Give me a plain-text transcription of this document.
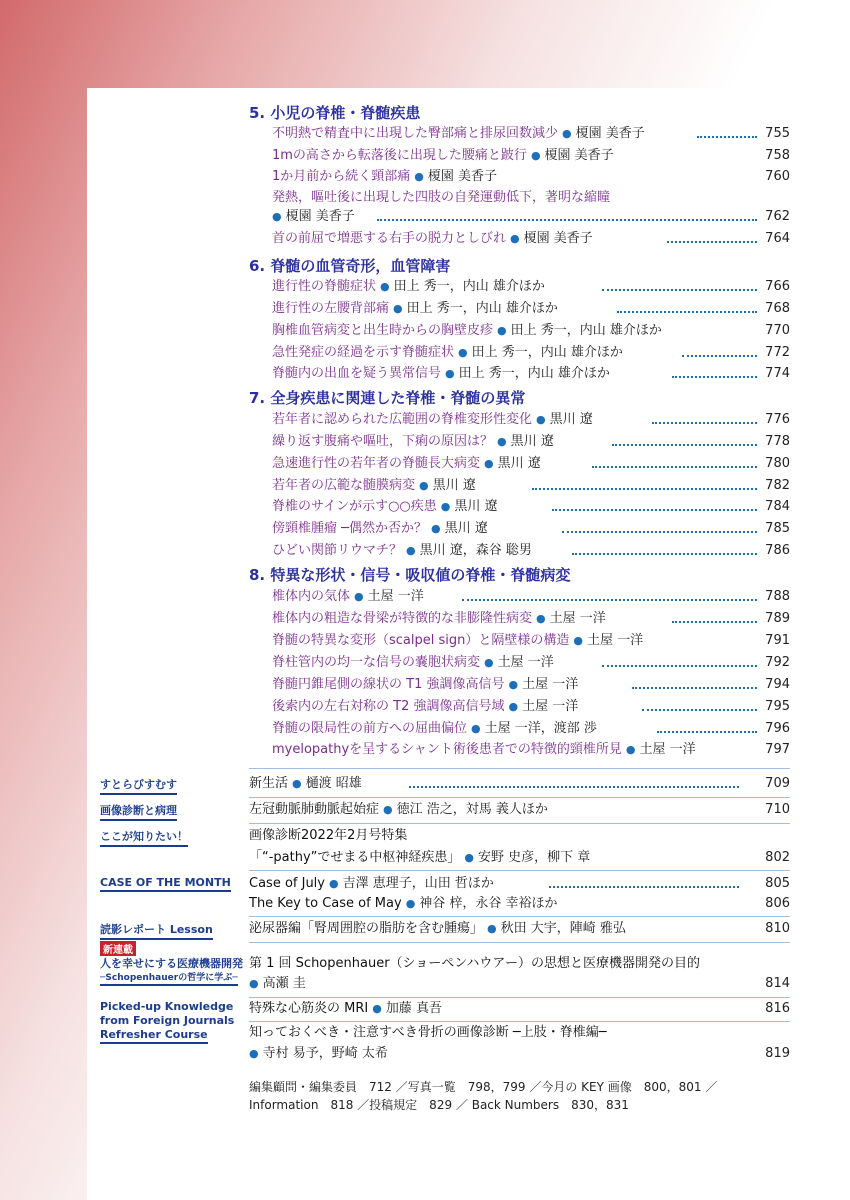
5. 小児の脊椎・脊髄疾患
6. 脊髄の血管奇形，血管障害
7. 全身疾患に関連した脊椎・脊髄の異常
8. 特異な形状・信号・吸収値の脊椎・脊髄病変
不明熱で精査中に出現した臀部痛と排尿回数減少 ● 榎園 美香子	755
1mの高さから転落後に出現した腰痛と跛行 ● 榎園 美香子	758
1か月前から続く頸部痛 ● 榎園 美香子	760
発熱，嘔吐後に出現した四肢の自発運動低下，著明な縮瞳
● 榎園 美香子	762
首の前屈で増悪する右手の脱力としびれ ● 榎園 美香子	764
進行性の脊髄症状 ● 田上 秀一，内山 雄介ほか	766
進行性の左腰背部痛 ● 田上 秀一，内山 雄介ほか	768
胸椎血管病変と出生時からの胸壁皮疹 ● 田上 秀一，内山 雄介ほか	770
急性発症の経過を示す脊髄症状 ● 田上 秀一，内山 雄介ほか	772
脊髄内の出血を疑う異常信号 ● 田上 秀一，内山 雄介ほか	774
若年者に認められた広範囲の脊椎変形性変化 ● 黒川 遼	776
繰り返す腹痛や嘔吐，下痢の原因は？ ● 黒川 遼	778
急速進行性の若年者の脊髄長大病変 ● 黒川 遼	780
若年者の広範な髄膜病変 ● 黒川 遼	782
脊椎のサインが示す○○疾患 ● 黒川 遼	784
傍頸椎腫瘤 ─偶然か否か？ ● 黒川 遼	785
ひどい関節リウマチ？ ● 黒川 遼，森谷 聡男	786
椎体内の気体 ● 土屋 一洋	788
椎体内の粗造な骨梁が特徴的な非膨隆性病変 ● 土屋 一洋	789
脊髄の特異な変形（scalpel sign）と隔壁様の構造 ● 土屋 一洋	791
脊柱管内の均一な信号の嚢胞状病変 ● 土屋 一洋	792
脊髄円錐尾側の線状の T1 強調像高信号 ● 土屋 一洋	794
後索内の左右対称の T2 強調像高信号域 ● 土屋 一洋	795
脊髄の限局性の前方への屈曲偏位 ● 土屋 一洋，渡部 渉	796
myelopathyを呈するシャント術後患者での特徴的頸椎所見 ● 土屋 一洋	797
すとらびすむす	新生活 ● 樋渡 昭雄	709
画像診断と病理	左冠動脈肺動脈起始症 ● 徳江 浩之，対馬 義人ほか	710
ここが知りたい！	画像診断2022年2月号特集
「“-pathy”でせまる中枢神経疾患」 ● 安野 史彦，柳下 章	802
CASE OF THE MONTH Case of July ● 吉澤 恵理子，山田 哲ほか	805
The Key to Case of May ● 神谷 梓，永谷 幸裕ほか	806
読影レポート Lesson	泌尿器編「腎周囲腔の脂肪を含む腫瘍」 ● 秋田 大宇，陣崎 雅弘	810
新連載
人を幸せにする医療機器開発
─Schopenhauerの哲学に学ぶ─
第 1 回 Schopenhauer（ショーペンハウアー）の思想と医療機器開発の目的
● 高瀬 圭	814
Picked-up Knowledge
from Foreign Journals
Refresher Course
特殊な心筋炎の MRI ● 加藤 真吾	816
知っておくべき・注意すべき骨折の画像診断 ─上肢・脊椎編─
● 寺村 易予，野崎 太希	819
編集顧問・編集委員　712 ／写真一覧　798，799 ／今月の KEY 画像　800，801 ／
Information　818 ／投稿規定　829 ／ Back Numbers　830，831
